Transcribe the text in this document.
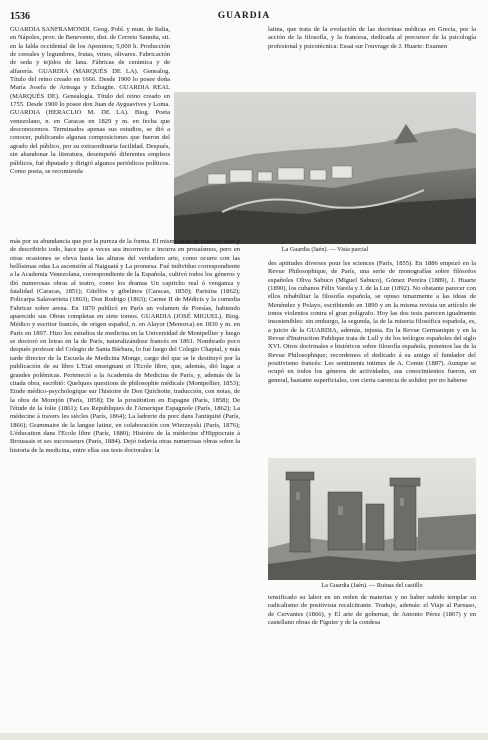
1536	GUARDIA

GUARDIA SANFRAMONDI. Geog. Pobl. y mun. de Italia, en Nápoles, prov. de Benevento, dist. de Cerreto Sannita, sit. en la falda occidental de los Apeninos; 5,000 h. Producción de cereales y legumbres, frutas, vinos, olivares. Fabricación de seda y tejidos de lana. Fábricas de cerámica y de alfarería. GUARDIA (MARQUÉS DE LA). Genealog. Título del reino creado en 1666. Desde 1900 lo posee doña María Josefa de Arteaga y Echagüe. GUARDIA REAL (MARQUÉS DE). Genealogía. Título del reino creado en 1755. Desde 1900 lo posee don Juan de Ayguavives y Loma. GUARDIA (HERACLIO M. DE LA). Biog. Poeta venezolano, n. en Caracas en 1829 y m. en fecha que desconocemos. Terminados apenas sus estudios, se dió a conocer, publicando algunas composiciones que fueron del agrado del público, por su extraordinaria facilidad. Después, sin abandonar la literatura, desempeñó diferentes empleos públicos, fué diputado y dirigió algunos periódicos políticos. Como poeta, se recomienda

La Guardia (Jaén). — Vista parcial

más por su abundancia que por la pureza de la forma. El mismo afán de cantarlo todo y de describirlo todo, hace que a veces sea incorrecto e incurra en prosaísmos, pero en otras ocasiones se eleva hasta las alturas del verdadero arte, como ocurre con las bellísimas odas La ascensión al Naiguatá y La promesa. Fué individuo correspondiente a la Academia Venezolana, correspondiente de la Española, cultivó todos los géneros y dió numerosas obras al teatro, como los dramas Un capricho real ó venganza y fatalidad (Caracas, 1851); Güelfos y gibelinos (Caracas, 1850); Parisina (1862); Policarpa Salavarrieta (1863); Don Rodrigo (1863); Carme II de Médicis y la comedia Fabricar sobre arena. En 1870 publicó en París un volumen de Poesías, habiendo aparecido sus Obras completas en siete tomos. GUARDIA (JOSÉ MIGUEL). Biog. Médico y escritor francés, de origen español, n. en Alayor (Menorca) en 1830 y m. en París en 1897. Hizo los estudios de medicina en la Universidad de Montpellier y luego se doctoró en letras en la de París, naturalizándose francés en 1861. Nombrado poco después profesor del Colegio de Santa Bárbara, lo fué luego del Colegio Chaptal, y más tarde director de la Escuela de Medicina Monge, cargo del que se le destituyó por la publicación de su libro L'Etat enseignant et l'Ecole libre, que, además, dió lugar a grandes polémicas. Perteneció a la Academia de Medicina de París, y, además de la citada obra, escribió: Quelques questions de philosophie médicale (Montpellier, 1853); Etude médico-psychologique sur l'histoire de Don Quichotte, traducción, con notas, de la obra de Morejón (París, 1858); De la prostitution en Espagne (París, 1858); De l'étude de la folie (1861); Les Republiques de l'Amerique Espagnole (París, 1862); La médecine à travers les siècles (París, 1864); La ladrerie du porc dans l'antiquité (París, 1866); Grammaire de la langue latine, en colaboración con Wierzeyski (París, 1876); L'éducation dans l'Ecole libre (París, 1880); Histoire de la médecine d'Hippocrate à Broussais et ses successeurs (París, 1884). Dejó todavía otras numerosas obras sobre la historia de la medicina, entre ellas sus tesis doctorales: la

latina, que trata de la evolución de las doctrinas médicas en Grecia, por la acción de la filosofía, y la francesa, dedicada al precursor de la psicología profesional y psicotécnica: Essai sur l'ouvrage de J. Huarte: Examen

des aptitudes diverses pour les sciences (París, 1855). En 1886 empezó en la Revue Philosophique, de París, una serie de monografías sobre filósofos españoles Oliva Sabuco (Miguel Sabuco), Gómez Pereira (1889), J. Huarte (1890), los cubanos Félix Varela y J. de la Luz (1892). No obstante parecer con ellos rehabilitar la filosofía española, se opuso tenazmente a las ideas de Menéndez y Pelayo, escribiendo en 1890 y en la misma revista un artículo de tonos violentos contra el gran polígrafo. Hoy las dos tesis parecen igualmente insostenibles: sin embargo, la segunda, la de la miseria filosófica española, es, a juicio de la GUARDIA, además, injusta. En la Revue Germanique y en la Revue d'Instruction Publique trata de Lull y de los teólogos españoles del siglo XVI. Otros doctrinales e históricos sobre filosofía española, ponemos las de la Revue Philosophique; recordemos el dedicado á su amigo el fundador del positivismo francés: Les sentiments intimes de A. Comte (1887). Aunque se ocupó en todos los géneros de actividades, sus conocimientos fueron, en general, bastante superficiales, con cierta carencia de solidez por no haberse

La Guardia (Jaén). — Ruinas del castillo

tensificado su labor en un orden de materias y no haber sabido templar su radicalismo de positivista recalcitrante. Tradujo, además: el Viaje al Parnaso, de Cervantes (1866), y El arte de gobernar, de Antonio Pérez (1867) y en castellano obras de Figuier y de la condesa
